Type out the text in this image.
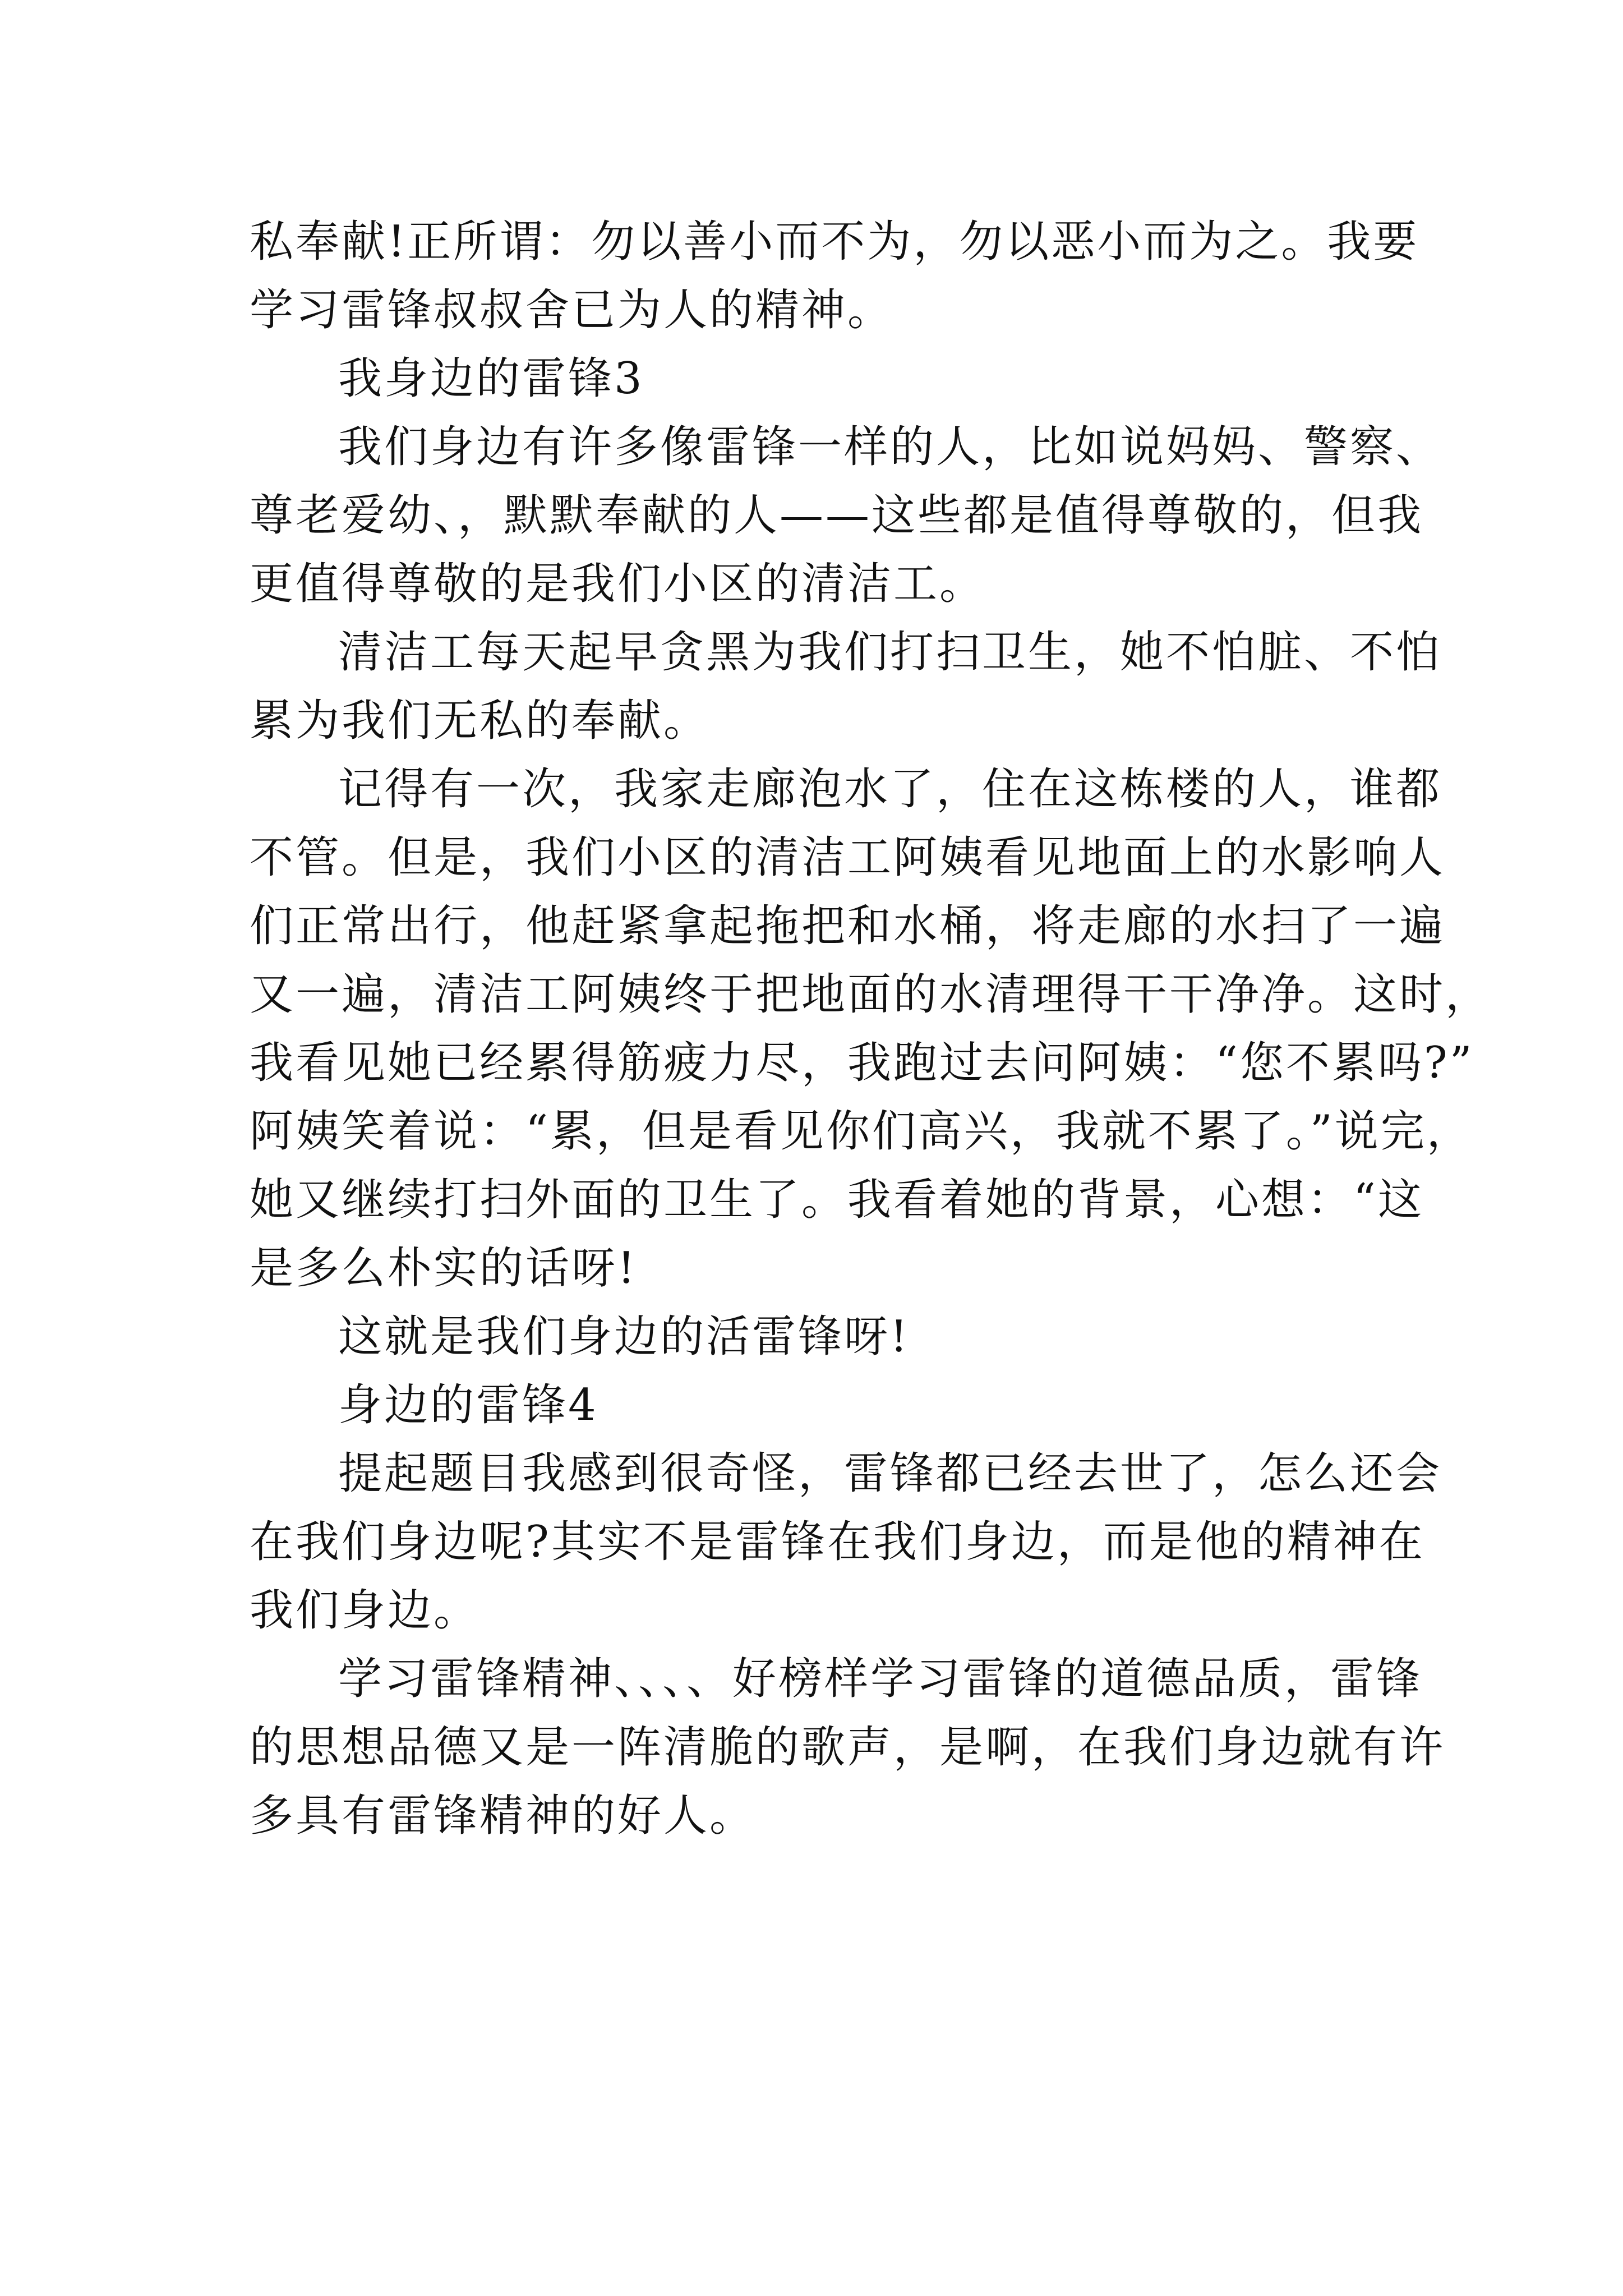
私奉献!正所谓：勿以善小而不为，勿以恶小而为之。我要
学习雷锋叔叔舍已为人的精神。
我身边的雷锋3
我们身边有许多像雷锋一样的人，比如说妈妈、警察、
尊老爱幼、，默默奉献的人——这些都是值得尊敬的，但我
更值得尊敬的是我们小区的清洁工。
清洁工每天起早贪黑为我们打扫卫生，她不怕脏、不怕
累为我们无私的奉献。
记得有一次，我家走廊泡水了，住在这栋楼的人，谁都
不管。但是，我们小区的清洁工阿姨看见地面上的水影响人
们正常出行，他赶紧拿起拖把和水桶，将走廊的水扫了一遍
又一遍，清洁工阿姨终于把地面的水清理得干干净净。这时，
我看见她已经累得筋疲力尽，我跑过去问阿姨：“您不累吗?”
阿姨笑着说：“累，但是看见你们高兴，我就不累了。”说完，
她又继续打扫外面的卫生了。我看着她的背景，心想：“这
是多么朴实的话呀!
这就是我们身边的活雷锋呀!
身边的雷锋4
提起题目我感到很奇怪，雷锋都已经去世了，怎么还会
在我们身边呢?其实不是雷锋在我们身边，而是他的精神在
我们身边。
学习雷锋精神、、、、好榜样学习雷锋的道德品质，雷锋
的思想品德又是一阵清脆的歌声，是啊，在我们身边就有许
多具有雷锋精神的好人。
